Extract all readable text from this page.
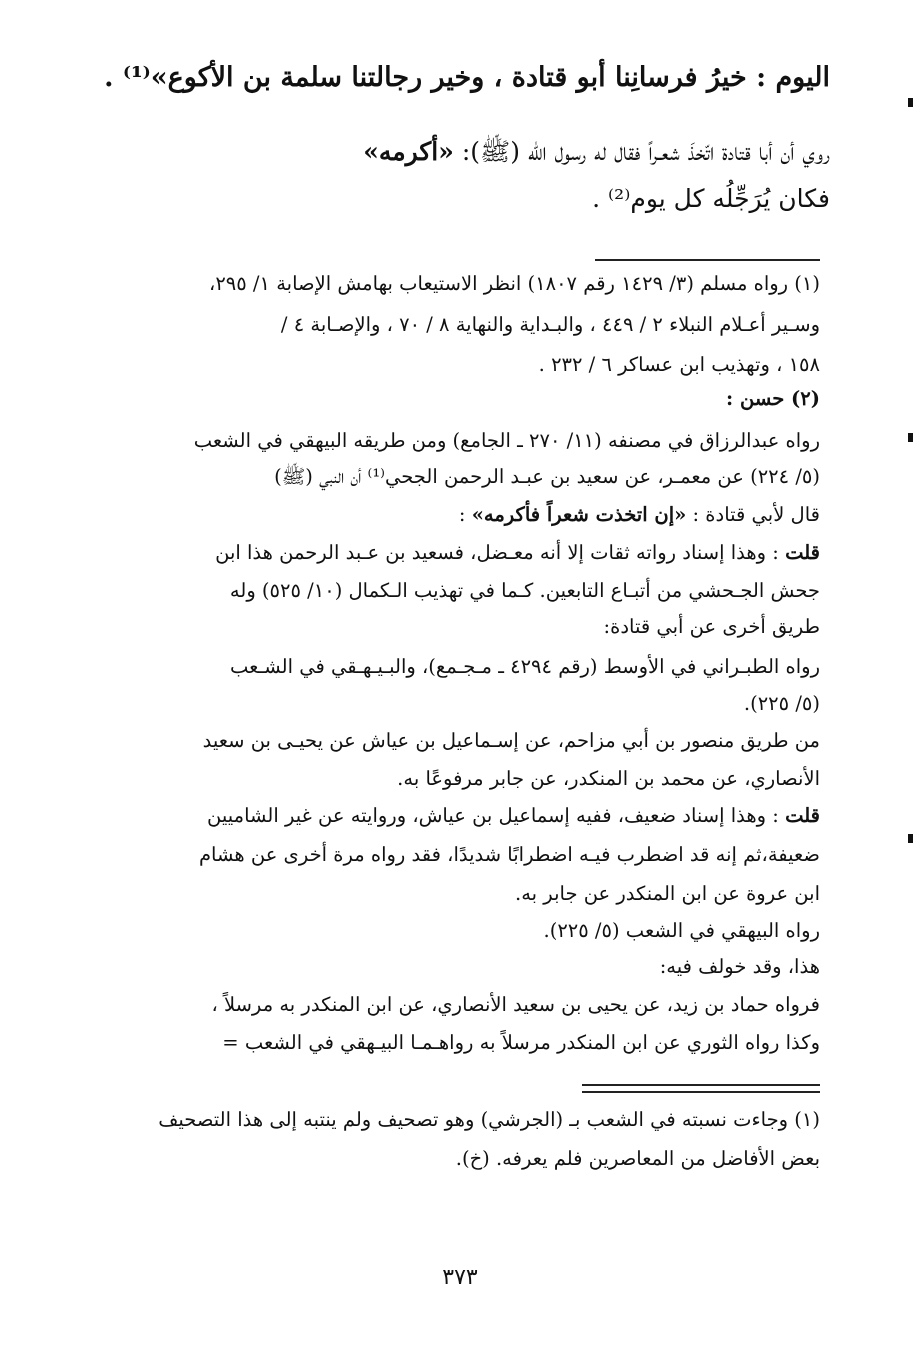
اليوم : خيرُ فرسانِنا أبو قتادة ، وخير رجالتنا سلمة بن الأكوع»⁽¹⁾ .
روي أن أبا قتادة اتّخذَ شعـراً فقال له رسول اللّه (ﷺ): «أكرمه»
فكان يُرَجِّلُه كل يوم⁽²⁾ .
(١) رواه مسلم (٣/ ١٤٢٩ رقم ١٨٠٧) انظر الاستيعاب بهامش الإصابة ١/ ٢٩٥،
وسـير أعـلام النبلاء ٢ / ٤٤٩ ، والبـداية والنهاية ٨ / ٧٠ ، والإصـابة ٤ /
١٥٨ ، وتهذيب ابن عساكر ٦ / ٢٣٢ .
(٢) حسن :
رواه عبدالرزاق في مصنفه (١١/ ٢٧٠ ـ الجامع) ومن طريقه البيهقي في الشعب
(٥/ ٢٢٤) عن معمـر، عن سعيد بن عبـد الرحمن الجحي⁽¹⁾ أن النبي (ﷺ)
قال لأبي قتادة : «إن اتخذت شعراً فأكرمه» :
قلت : وهذا إسناد رواته ثقات إلا أنه معـضل، فسعيد بن عـبد الرحمن هذا ابن
جحش الجـحشي من أتبـاع التابعين. كـما في تهذيب الـكمال (١٠/ ٥٢٥) وله
طريق أخرى عن أبي قتادة:
رواه الطبـراني في الأوسط (رقم ٤٢٩٤ ـ مـجـمع)، والبـيـهـقي في الشـعب
(٥/ ٢٢٥).
من طريق منصور بن أبي مزاحم، عن إسـماعيل بن عياش عن يحيـى بن سعيد
الأنصاري، عن محمد بن المنكدر، عن جابر مرفوعًا به.
قلت : وهذا إسناد ضعيف، ففيه إسماعيل بن عياش، وروايته عن غير الشاميين
ضعيفة،ثم إنه قد اضطرب فيـه اضطرابًا شديدًا، فقد رواه مرة أخرى عن هشام
ابن عروة عن ابن المنكدر عن جابر به.
رواه البيهقي في الشعب (٥/ ٢٢٥).
هذا، وقد خولف فيه:
فرواه حماد بن زيد، عن يحيى بن سعيد الأنصاري، عن ابن المنكدر به مرسلاً ،
وكذا رواه الثوري عن ابن المنكدر مرسلاً به رواهـمـا البيـهقي في الشعب =
(١) وجاءت نسبته في الشعب بـ (الجرشي) وهو تصحيف ولم ينتبه إلى هذا التصحيف
بعض الأفاضل من المعاصرين فلم يعرفه. (خ).
٣٧٣
